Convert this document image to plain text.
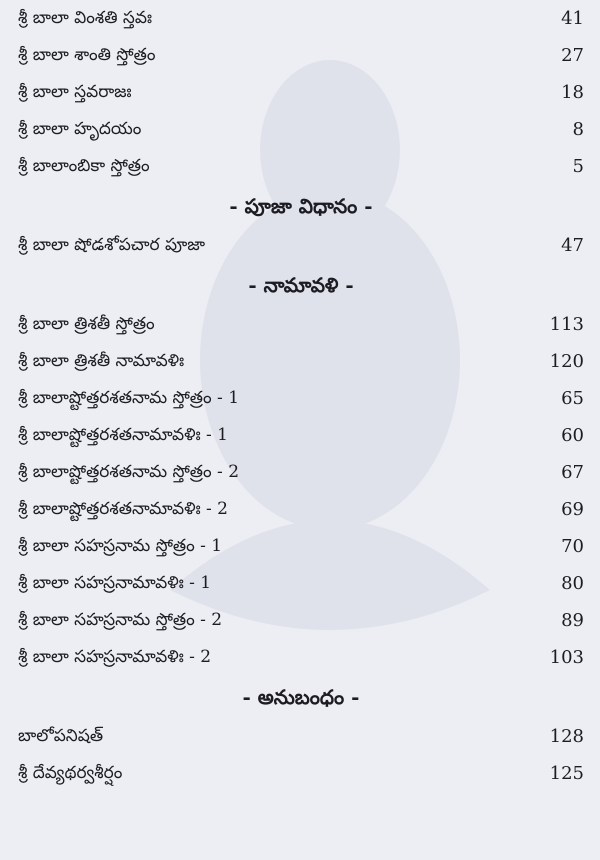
శ్రీ బాలా వింశతి స్తవః	41
శ్రీ బాలా శాంతి స్తోత్రం	27
శ్రీ బాలా స్తవరాజః	18
శ్రీ బాలా హృదయం	8
శ్రీ బాలాంబికా స్తోత్రం	5
- పూజా విధానం -
శ్రీ బాలా షోడశోపచార పూజా	47
- నామావళి -
శ్రీ బాలా త్రిశతీ స్తోత్రం	113
శ్రీ బాలా త్రిశతీ నామావళిః	120
శ్రీ బాలాష్టోత్తరశతనామ స్తోత్రం - 1	65
శ్రీ బాలాష్టోత్తరశతనామావళిః - 1	60
శ్రీ బాలాష్టోత్తరశతనామ స్తోత్రం - 2	67
శ్రీ బాలాష్టోత్తరశతనామావళిః - 2	69
శ్రీ బాలా సహస్రనామ స్తోత్రం - 1	70
శ్రీ బాలా సహస్రనామావళిః - 1	80
శ్రీ బాలా సహస్రనామ స్తోత్రం - 2	89
శ్రీ బాలా సహస్రనామావళిః - 2	103
- అనుబంధం -
బాలోపనిషత్	128
శ్రీ దేవ్యథర్వశీర్షం	125
